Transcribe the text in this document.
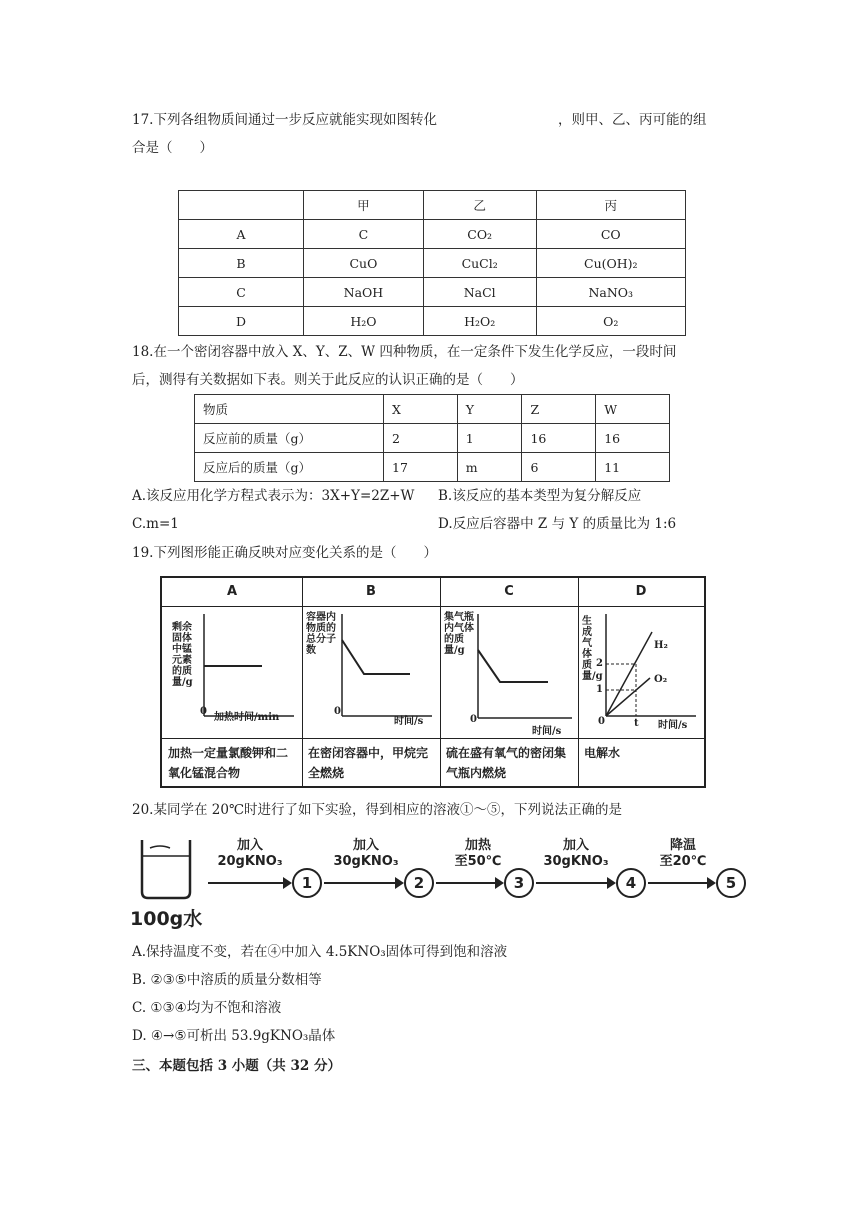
17.下列各组物质间通过一步反应就能实现如图转化	，则甲、乙、丙可能的组
合是（　　）
	甲	乙	丙
A	C	CO₂	CO
B	CuO	CuCl₂	Cu(OH)₂
C	NaOH	NaCl	NaNO₃
D	H₂O	H₂O₂	O₂
18.在一个密闭容器中放入 X、Y、Z、W 四种物质，在一定条件下发生化学反应，一段时间
后，测得有关数据如下表。则关于此反应的认识正确的是（　　）
物质	X	Y	Z	W
反应前的质量（g）	2	1	16	16
反应后的质量（g）	17	m	6	11
A.该反应用化学方程式表示为：3X+Y=2Z+W B.该反应的基本类型为复分解反应
C.m=1	D.反应后容器中 Z 与 Y 的质量比为 1:6
19.下列图形能正确反映对应变化关系的是（　　）
A
剩余固体中锰元素的质量/g
0
加热时间/min
加热一定量氯酸钾和二氧化锰混合物
B
容器内物质的总分子数
0
时间/s
在密闭容器中，甲烷完全燃烧
C
集气瓶内气体的质量/g
0
时间/s
硫在盛有氧气的密闭集气瓶内燃烧
D
生成气体质量/g
2
1
0	t 时间/s
H₂
O₂
电解水
20.某同学在 20℃时进行了如下实验，得到相应的溶液①～⑤，下列说法正确的是
100g水
加入
20gKNO₃
1
加入
30gKNO₃
2
加热
至50℃
3
加入
30gKNO₃
4
降温
至20℃
5
A.保持温度不变，若在④中加入 4.5KNO₃固体可得到饱和溶液
B. ②③⑤中溶质的质量分数相等
C. ①③④均为不饱和溶液
D. ④→⑤可析出 53.9gKNO₃晶体
三、本题包括 3 小题（共 32 分）
